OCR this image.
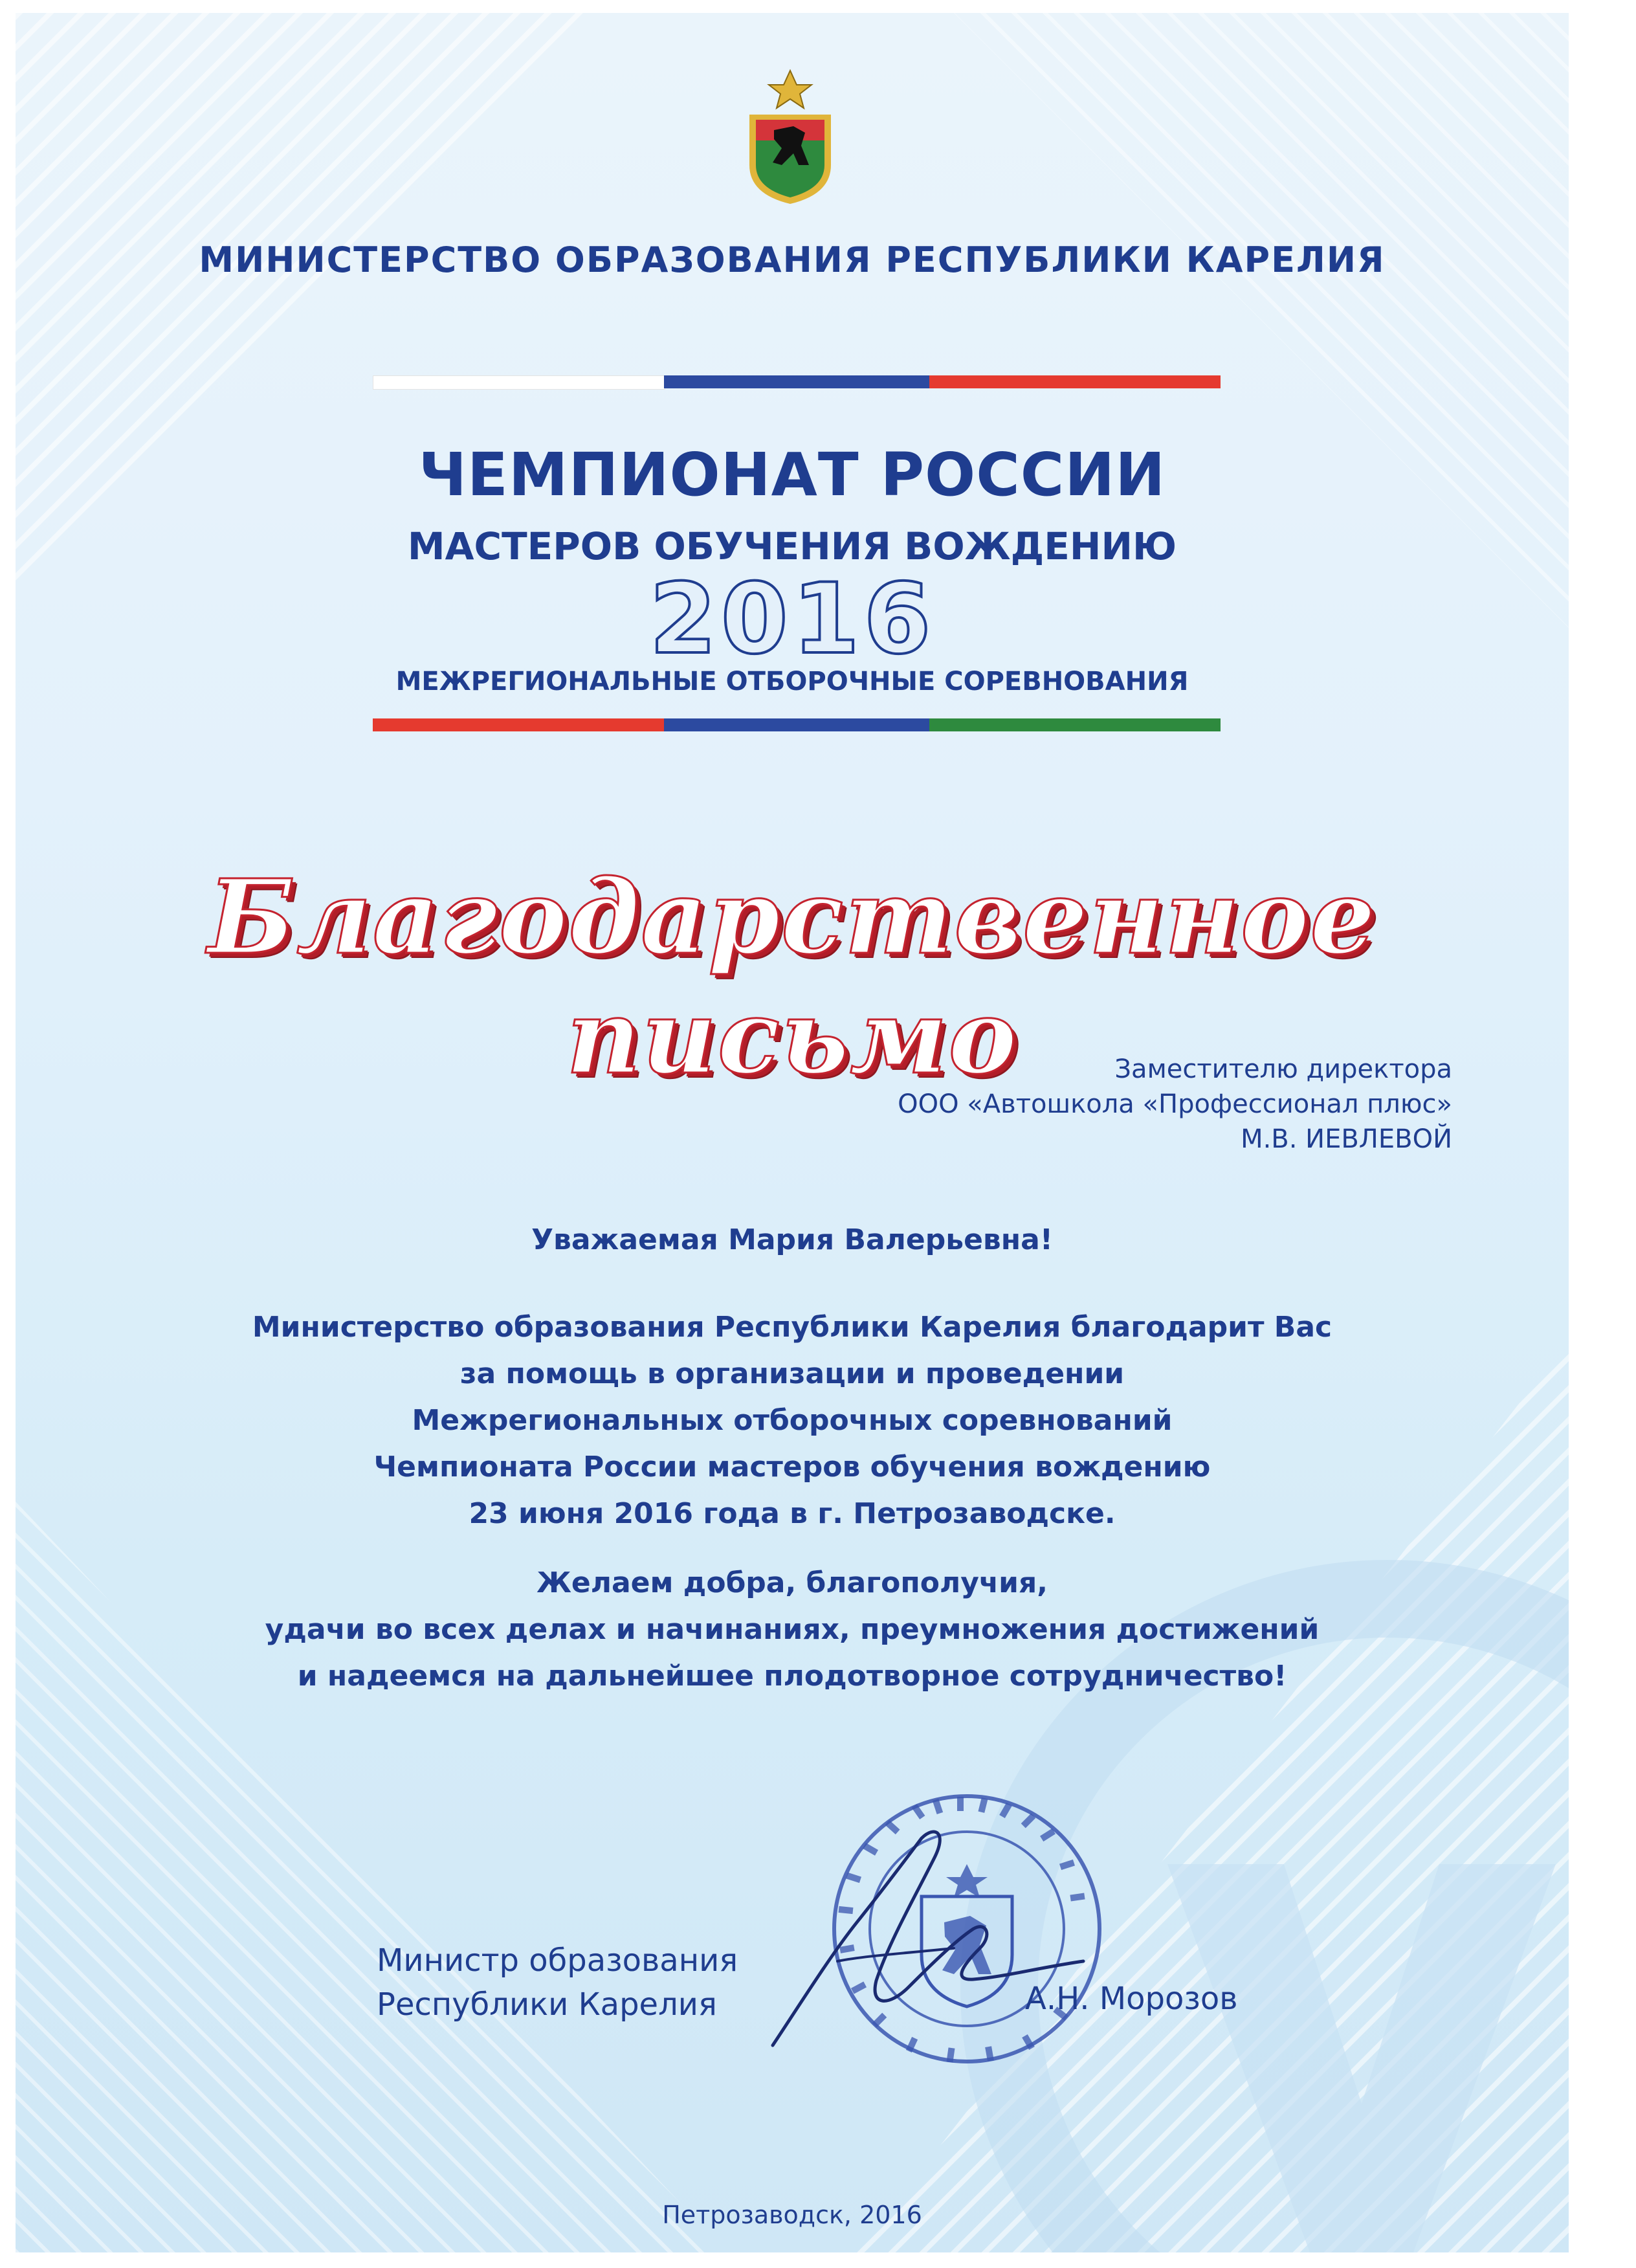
МИНИСТЕРСТВО ОБРАЗОВАНИЯ РЕСПУБЛИКИ КАРЕЛИЯ
ЧЕМПИОНАТ РОССИИ
МАСТЕРОВ ОБУЧЕНИЯ ВОЖДЕНИЮ
2016
МЕЖРЕГИОНАЛЬНЫЕ ОТБОРОЧНЫЕ СОРЕВНОВАНИЯ
Благодарственное письмо	Заместителю директора
ООО «Автошкола «Профессионал плюс»
М.В. ИЕВЛЕВОЙ
Уважаемая Мария Валерьевна!
Министерство образования Республики Карелия благодарит Вас
за помощь в организации и проведении
Межрегиональных отборочных соревнований
Чемпионата России мастеров обучения вождению
23 июня 2016 года в г. Петрозаводске.
Желаем добра, благополучия,
удачи во всех делах и начинаниях, преумножения достижений
и надеемся на дальнейшее плодотворное сотрудничество!
Министр образования
Республики Карелия	А.Н. Морозов
Петрозаводск, 2016
